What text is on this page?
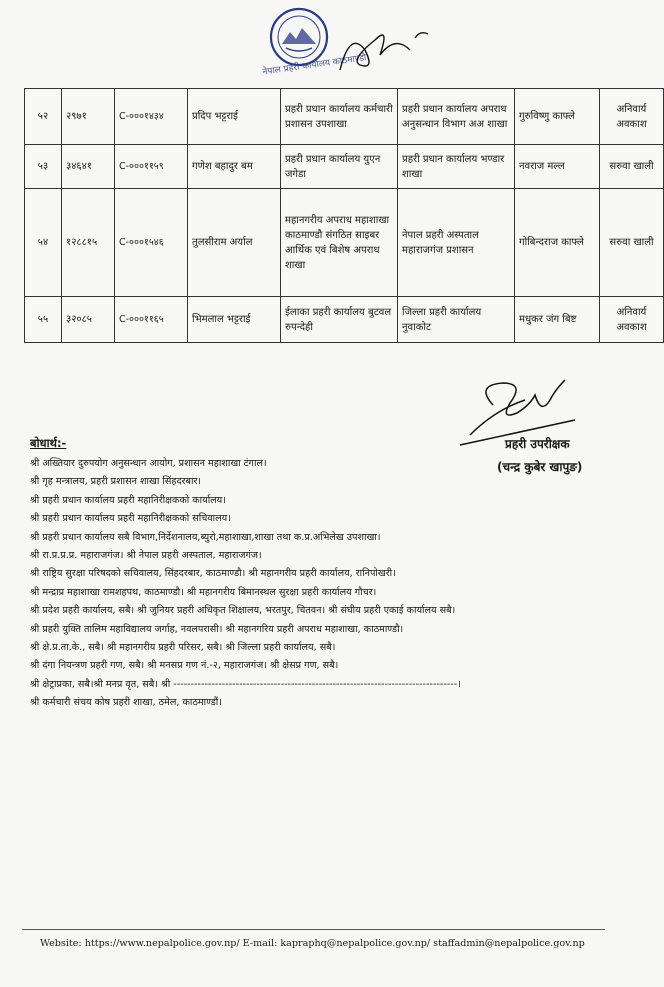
नेपाल प्रहरी कार्यालय काठमाण्डौ
५२	२९७१	C-०००१४३४	प्रदिप भट्टराई	प्रहरी प्रधान कार्यालय कर्मचारी प्रशासन उपशाखा	प्रहरी प्रधान कार्यालय अपराध अनुसन्धान विभाग अअ शाखा	गुरुविष्णु काफ्ले	अनिवार्य अवकाश
५३	३४६४१	C-०००११५९	गणेश बहादुर बम	प्रहरी प्रधान कार्यालय युएन जगेडा	प्रहरी प्रधान कार्यालय भण्डार शाखा	नवराज मल्ल	सरुवा खाली
५४	१२८८१५	C-०००१५४६	तुलसीराम अर्याल	महानगरीय अपराध महाशाखा काठमाण्डौ संगठित साइबर आर्थिक एवं बिशेष अपराध शाखा	नेपाल प्रहरी अस्पताल महाराजगंज प्रशासन	गोबिन्दराज काफ्ले	सरुवा खाली
५५	३२०८५	C-०००११६५	भिमलाल भट्टराई	ईलाका प्रहरी कार्यालय बुटवल रुपन्देही	जिल्ला प्रहरी कार्यालय नुवाकोट	मधुकर जंग बिष्ट	अनिवार्य अवकाश
प्रहरी उपरीक्षक
(चन्द्र कुबेर खापुङ)
बोधार्थ:-
श्री अख्तियार दुरुपयोग अनुसन्धान आयोग, प्रशासन महाशाखा टंगाल।
श्री गृह मन्त्रालय, प्रहरी प्रशासन शाखा सिंहदरबार।
श्री प्रहरी प्रधान कार्यालय प्रहरी महानिरीक्षकको कार्यालय।
श्री प्रहरी प्रधान कार्यालय प्रहरी महानिरीक्षकको सचिवालय।
श्री प्रहरी प्रधान कार्यालय सबै विभाग,निर्देशनालय,ब्युरो,महाशाखा,शाखा तथा क.प्र.अभिलेख उपशाखा।
श्री रा.प्र.प्र.प्र. महाराजगंज। श्री नेपाल प्रहरी अस्पताल, महाराजगंज।
श्री राष्ट्रिय सुरक्षा परिषदको सचिवालय, सिंहदरबार, काठमाण्डौ। श्री महानगरीय प्रहरी कार्यालय, रानिपोखरी।
श्री मन्द्राप्र महाशाखा रामशहपथ, काठमाण्डौ। श्री महानगरीय बिमानस्थल सुरक्षा प्रहरी कार्यालय गौचर।
श्री प्रदेश प्रहरी कार्यालय, सबै। श्री जुनियर प्रहरी अधिकृत शिक्षालय, भरतपुर, चितवन। श्री संघीय प्रहरी एकाई कार्यालय सबै।
श्री प्रहरी युक्ति तालिम महाविद्यालय जर्गाह, नवलपरासी। श्री महानगरिय प्रहरी अपराध महाशाखा, काठमाण्डौ।
श्री क्षे.प्र.ता.के., सबै। श्री महानगरीय प्रहरी परिसर, सबै। श्री जिल्ला प्रहरी कार्यालय, सबै।
श्री दंगा नियन्त्रण प्रहरी गण, सबै। श्री मनसप्र गण नं.-२, महाराजगंज। श्री क्षेसप्र गण, सबै।
श्री क्षेट्राप्रका, सबै।श्री मनप्र वृत, सबै। श्री ----------------------------------------------------------------------------------।
श्री कर्मचारी संचय कोष प्रहरी शाखा, ठमेल, काठमाण्डौं।
Website: https://www.nepalpolice.gov.np/ E-mail: kapraphq@nepalpolice.gov.np/ staffadmin@nepalpolice.gov.np
